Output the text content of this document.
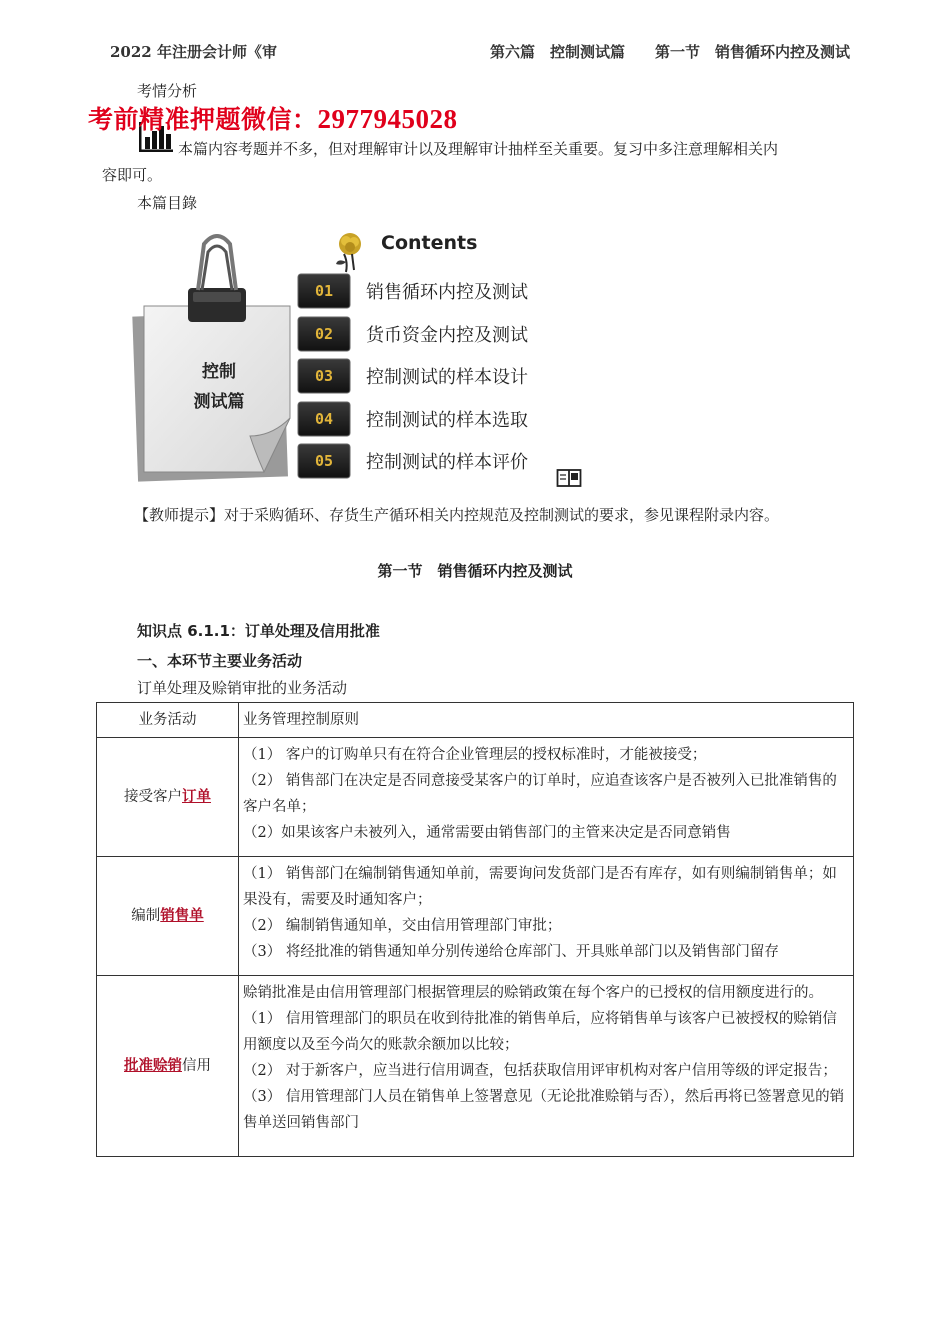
2022 年注册会计师《审	第六篇　控制测试篇　　第一节　销售循环内控及测试
考情分析
考前精准押题微信：2977945028
本篇内容考题并不多，但对理解审计以及理解审计抽样至关重要。复习中多注意理解相关内
容即可。
本篇目錄
Contents
控制
测试篇
01
02
03
04
05
销售循环内控及测试
货币资金内控及测试
控制测试的样本设计
控制测试的样本选取
控制测试的样本评价
【教师提示】对于采购循环、存货生产循环相关内控规范及控制测试的要求，参见课程附录内容。
第一节　销售循环内控及测试
知识点 6.1.1：订单处理及信用批准
一、本环节主要业务活动
订单处理及赊销审批的业务活动
业务活动	业务管理控制原则
接受客户订单	（1） 客户的订购单只有在符合企业管理层的授权标准时，才能被接受；
（2） 销售部门在决定是否同意接受某客户的订单时，应追查该客户是否被列入已批准销售的客户名单；
（2）如果该客户未被列入，通常需要由销售部门的主管来决定是否同意销售

编制销售单	（1） 销售部门在编制销售通知单前，需要询问发货部门是否有库存，如有则编制销售单；如果没有，需要及时通知客户；
（2） 编制销售通知单，交由信用管理部门审批；
（3） 将经批准的销售通知单分别传递给仓库部门、开具账单部门以及销售部门留存

批准赊销信用	赊销批准是由信用管理部门根据管理层的赊销政策在每个客户的已授权的信用额度进行的。
（1） 信用管理部门的职员在收到待批准的销售单后，应将销售单与该客户已被授权的赊销信用额度以及至今尚欠的账款余额加以比较；
（2） 对于新客户，应当进行信用调查，包括获取信用评审机构对客户信用等级的评定报告；
（3） 信用管理部门人员在销售单上签署意见（无论批准赊销与否），然后再将已签署意见的销售单送回销售部门
